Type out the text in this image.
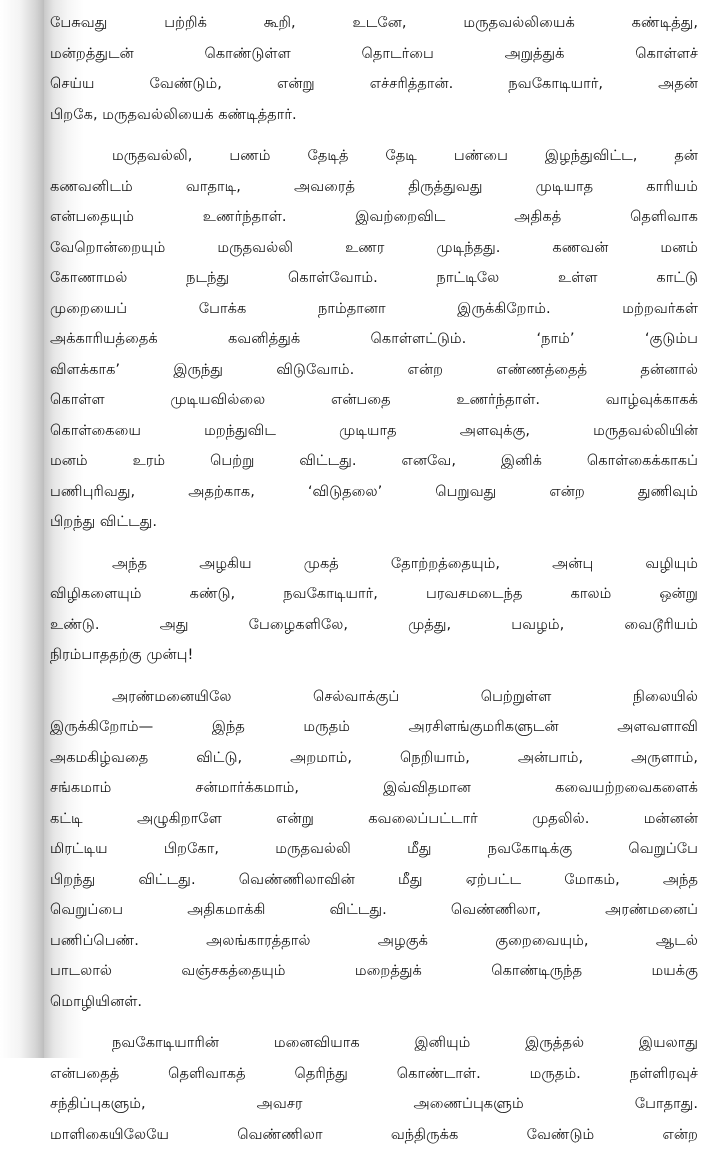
பேசுவது பற்றிக் கூறி, உடனே, மருதவல்லியைக் கண்டித்து,
மன்றத்துடன் கொண்டுள்ள தொடர்பை அறுத்துக் கொள்ளச்
செய்ய வேண்டும், என்று எச்சரித்தான். நவகோடியார், அதன்
பிறகே, மருதவல்லியைக் கண்டித்தார்.
மருதவல்லி, பணம் தேடித் தேடி பண்பை இழந்துவிட்ட, தன்
கணவனிடம் வாதாடி, அவரைத் திருத்துவது முடியாத காரியம்
என்பதையும் உணர்ந்தாள். இவற்றைவிட அதிகத் தெளிவாக
வேறொன்றையும் மருதவல்லி உணர முடிந்தது. கணவன் மனம்
கோணாமல் நடந்து கொள்வோம். நாட்டிலே உள்ள காட்டு
முறையைப் போக்க நாம்தானா இருக்கிறோம். மற்றவர்கள்
அக்காரியத்தைக் கவனித்துக் கொள்ளட்டும். ‘நாம்’ ‘குடும்ப
விளக்காக’ இருந்து விடுவோம். என்ற எண்ணத்தைத் தன்னால்
கொள்ள முடியவில்லை என்பதை உணர்ந்தாள். வாழ்வுக்காகக்
கொள்கையை மறந்துவிட முடியாத அளவுக்கு, மருதவல்லியின்
மனம் உரம் பெற்று விட்டது. எனவே, இனிக் கொள்கைக்காகப்
பணிபுரிவது, அதற்காக, ‘விடுதலை’ பெறுவது என்ற துணிவும்
பிறந்து விட்டது.
அந்த அழகிய முகத் தோற்றத்தையும், அன்பு வழியும்
விழிகளையும் கண்டு, நவகோடியார், பரவசமடைந்த காலம் ஒன்று
உண்டு. அது பேழைகளிலே, முத்து, பவழம், வைடூரியம்
நிரம்பாததற்கு முன்பு!
அரண்மனையிலே செல்வாக்குப் பெற்றுள்ள நிலையில்
இருக்கிறோம்— இந்த மருதம் அரசிளங்குமரிகளுடன் அளவளாவி
அகமகிழ்வதை விட்டு, அறமாம், நெறியாம், அன்பாம், அருளாம்,
சங்கமாம் சன்மார்க்கமாம், இவ்விதமான கவையற்றவைகளைக்
கட்டி அழுகிறாளே என்று கவலைப்பட்டார் முதலில். மன்னன்
மிரட்டிய பிறகோ, மருதவல்லி மீது நவகோடிக்கு வெறுப்பே
பிறந்து விட்டது. வெண்ணிலாவின் மீது ஏற்பட்ட மோகம், அந்த
வெறுப்பை அதிகமாக்கி விட்டது. வெண்ணிலா, அரண்மனைப்
பணிப்பெண். அலங்காரத்தால் அழகுக் குறைவையும், ஆடல்
பாடலால் வஞ்சகத்தையும் மறைத்துக் கொண்டிருந்த மயக்கு
மொழியினள்.
நவகோடியாரின் மனைவியாக இனியும் இருத்தல் இயலாது
என்பதைத் தெளிவாகத் தெரிந்து கொண்டாள். மருதம். நள்ளிரவுச்
சந்திப்புகளும், அவசர அணைப்புகளும் போதாது.
மாளிகையிலேயே வெண்ணிலா வந்திருக்க வேண்டும் என்ற
